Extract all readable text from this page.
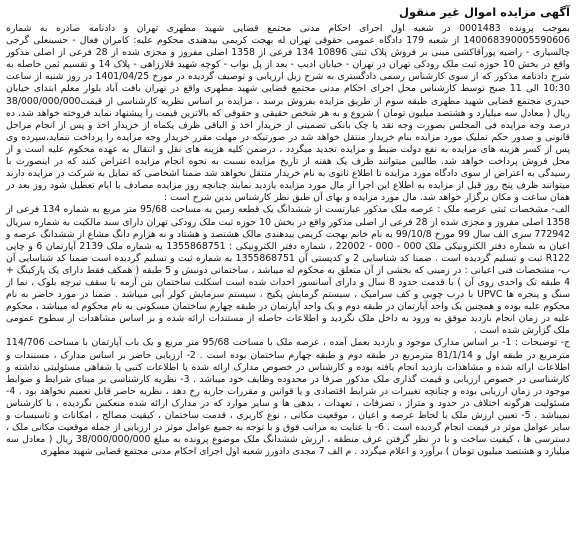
آگهی مزایده اموال غیر منقول

بموجب پرونده 0001483 در شعبه اول اجرای احکام مدنی مجتمع قضایی شهید مطهری تهران و دادنامه صادره به شماره 140068390005590606 از شعبه 179 دادگاه عمومی حقوقی تهران له بهجت کریمی بیدهندی محکوم علیه: کامران فعال - حسینعلی گرجی چالسیاری - راضیه پورآقاکشی مبنی بر فروش پلاک ثبتی 10896 134 فرعی از 1358 اصلی مفروز و مجزی شده از 28 فرعی از اصلی مذکور واقع در بخش 10 حوزه ثبت ملک رودکی تهران در تهران - خیابان ادیب - بعد از پل نواب - کوچه شهید قلاززاهی - پلاک 14 و تقسیم ثمن حاصله به شرح دادنامه مذکور که از سوی کارشناس رسمی دادگستری به شرح زیل ارزیابی و توصیف گردیده در مورخ 1401/04/25 در روز شنبه از ساعت 10:30 الی 11 صبح توسط کارشناس محل اجرای احکام مدنی مجتمع قضایی شهید مطهری واقع در تهران بافت آباد بلوار معلم ابتدای خیابان حیدری مجتمع قضایی شهید مطهری طبقه سوم از طریق مزایده بفروش برسد ، مزایده بر اساس نظریه کارشناسی از قیمت38/000/000/000 ریال ( معادل سه میلیارد و هشتصد میلیون تومان ) شروع و به هر شخص حقیقی و حقوقی که بالاترین قیمت را پیشنهاد نماید فروخته خواهد شد، ده درصد وجه مزایده فی المجلس بصورت وجه نقد یا چک بانکی تضمینی از خریدار اخذ و الباقی ظرف یکماه از خریدار اخذ و پس از انجام مراحل قانونی و صدور حکم تملیک مورد مزایده بنام خریدار منتقل خواهد شد در صورتیکه در مهلت مقرر خریدار وجه مزایده را پرداخت ننماید،سپرده وی پس از کسر هزینه های مزایده به نفع دولت ضبط و مزایده تجدید میگردد ، درضمن کلیه هزینه های نقل و انتقال به عهده محکوم علیه است و از محل فروش پرداخت خواهد شد. طالبین میتوانند ظرف یک هفته از تاریخ مزایده نسبت به نحوه انجام مزایده اعتراض کنند که در اینصورت با رسیدگی به اعتراض از سوی دادگاه مورد مزایده تا اطلاع ثانوی به نام خریدار منتقل نخواهد شد ضمنا اشخاصی که تمایل به شرکت در مزایده دارند میتوانند ظرف پنج روز قبل از مزایده به اطلاع این اجرا از مال مورد مزایده بازدید نمایند چنانچه روز مزایده مصادف با ایام تعطیل شود روز بعد در همان ساعت و مکان برگزار خواهد شد. مال مورد مزایده و بهای آن طبق نظر کارشناس بدین شرح است :

الف- مشخصات ثبتی عرصه ملک : عرصه ملک مذکور عبارتست از ششدانگ یک قطعه زمین به مساحت 95/68 متر مربع به شماره 134 فرعی از 1358 اصلی مفروز و مجزی شده از 28 فرعی از اصلی مذکور واقع در بخش 10 حوزه ثبت ملک رودکی تهران دارای سند مالکیت به شماره سریال 772942 سری الف سال 99 مورخ 99/10/8 به نام خانم بهجت کریمی بیدهندی مالک هشتصد و هشتاد و نه هزارم دانگ مشاع از ششدانگ عرصه و اعیان به شماره دفتر الکترونیکی ملک 000 - 000 - 22002 ، شماره دفتر الکترونیکی : 1355868751 به شماره ملک 2139 آپارتمان 6 و چاپی R122 ثبت و تسلیم گردیده است . ضمنا کد شناسایی 2 و کدپستی آن 1355868751 به شماره ثبت و تسلیم گردیده است ضمنا کد شناسایی آن ب- مشخصات فنی اعیانی : در زمینی که بخشی از آن متعلق به محکوم له میباشد ، ساختمانی دونبش و 5 طبقه ( همکف فقط دارای یک پارکینگ + 4 طبقه تک واحدی روی آن ) با قدمت حدود 8 سال و دارای آسانسور احداث شده است اسکلت ساختمان بتن آرمه با سقف تیرچه بلوک ، نما از سنگ و پنجره ها UPVC با درب چوبی و کف سرامیک ، سیستم گرمایش پکیج ، سیستم سرمایش کولر آبی میباشد . ضمنا در مورد حاضر به نام محکوم علیه بوده و همچنین یک واحد آپارتمان در طبقه دوم و یک واحد آپارتمان در طبقه چهارم ساختمان مسکونی به نام محکوم له میباشد ، محکوم علیه در زمان انجام بازدید موفق به ورود به داخل ملک نگردید و اطلاعات حاصله از مستندات ارائه شده و بر اساس مشاهدات از سطوح عمومی ملک گزارش شده است .

ج- توضیحات : 1- بر اساس مدارک موجود و بازدید بعمل آمده ، عرصه ملک با مساحت 95/68 متر مربع و یک باب آپارتمان با مساحت 114/706 مترمربع در طبقه اول و 81/1/14 مترمربع در طبقه دوم و طبقه چهارم ساختمان بوده است . 2- ارزیابی حاضر بر اساس مدارک ، مستندات و اطلاعات ارائه شده و مشاهدات بازدید انجام یافته بوده و کارشناس در خصوص مدارک ارائه شده یا اطلاعات کتبی یا شفاهی مسئولیتی نداشته و کارشناسی در خصوص ارزیابی و قیمت گذاری ملک مذکور صرفا در محدوده وظایف خود میباشد . 3- نظریه کارشناسی بر مبنای شرایط و ضوابط موجود در زمان ارزیابی بوده و چنانچه تغییرات در شرایط اقتصادی و یا قوانین و مقررات جاریه رخ دهد ، نظریه حاضر قابل تعمیم نخواهد بود . 4- مسئولیت هرگونه اختلاف در حدود و متراژ ، تصرفات ، تعهدات ، بدهی ها و سایر موارد که در مدارک ارائه شده منعکس نگردیده ، با کارشناس نمیباشد . 5- تعیین ارزش ملک با لحاظ عرصه و اعیان ، موقعیت مکانی ، نوع کاربری ، قدمت ساختمان ، کیفیت مصالح ، امکانات و تاسیسات و سایر عوامل موثر در قیمت انجام گردیده است . 6- با عنایت به مراتب فوق و با توجه به جمیع عوامل موثر در ارزیابی از جمله موقعیت مکانی ملک ، دسترسی ها ، کیفیت ساخت و با در نظر گرفتن عرف منطقه ، ارزش ششدانگ ملک موضوع پرونده به مبلغ 38/000/000/000 ریال ( معادل سه میلیارد و هشتصد میلیون تومان ) برآورد و اعلام میگردد . م الف 7 مجدی دادورز شعبه اول اجرای احکام مدنی مجتمع قضایی شهید مطهری
